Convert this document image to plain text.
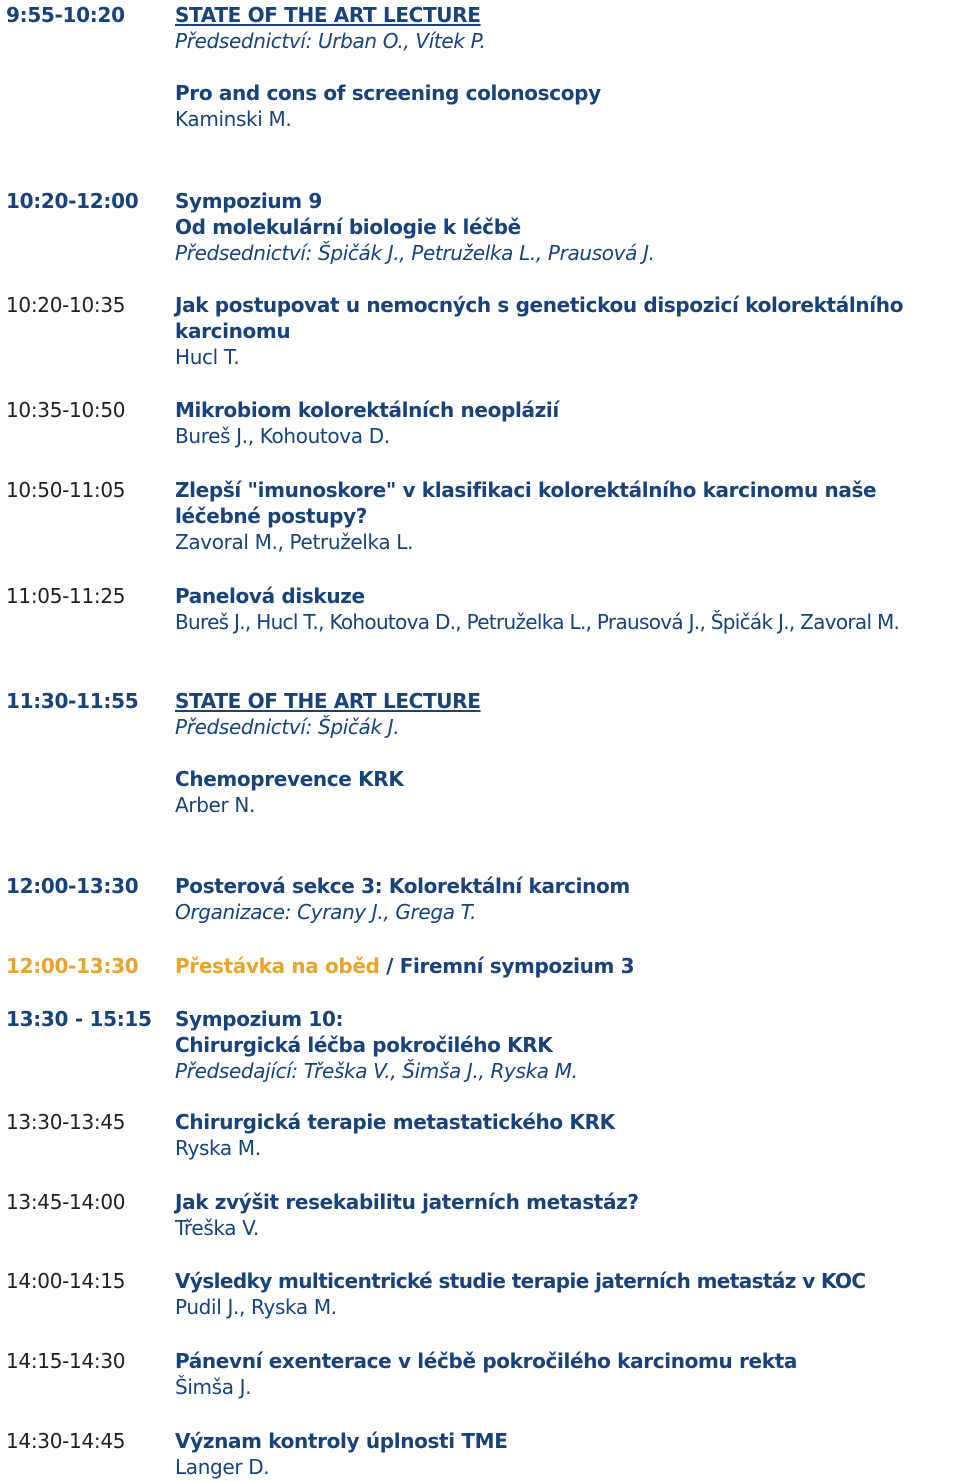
9:55-10:20	STATE OF THE ART LECTURE
Předsednictví: Urban O., Vítek P.
Pro and cons of screening colonoscopy
Kaminski M.
10:20-12:00 Sympozium 9
Od molekulární biologie k léčbě
Předsednictví: Špičák J., Petruželka L., Prausová J.
10:20-10:35 Jak postupovat u nemocných s genetickou dispozicí kolorektálního karcinomu
Hucl T.
10:35-10:50 Mikrobiom kolorektálních neoplázií
Bureš J., Kohoutova D.
10:50-11:05 Zlepší "imunoskore" v klasifikaci kolorektálního karcinomu naše léčebné postupy?
Zavoral M., Petruželka L.
11:05-11:25 Panelová diskuze
Bureš J., Hucl T., Kohoutova D., Petruželka L., Prausová J., Špičák J., Zavoral M.
11:30-11:55 STATE OF THE ART LECTURE
Předsednictví: Špičák J.
Chemoprevence KRK
Arber N.
12:00-13:30 Posterová sekce 3: Kolorektální karcinom
Organizace: Cyrany J., Grega T.
12:00-13:30 Přestávka na oběd / Firemní sympozium 3
13:30 - 15:15 Sympozium 10:
Chirurgická léčba pokročilého KRK
Předsedající: Třeška V., Šimša J., Ryska M.
13:30-13:45 Chirurgická terapie metastatického KRK
Ryska M.
13:45-14:00 Jak zvýšit resekabilitu jaterních metastáz?
Třeška V.
14:00-14:15 Výsledky multicentrické studie terapie jaterních metastáz v KOC
Pudil J., Ryska M.
14:15-14:30 Pánevní exenterace v léčbě pokročilého karcinomu rekta
Šimša J.
14:30-14:45 Význam kontroly úplnosti TME
Langer D.
